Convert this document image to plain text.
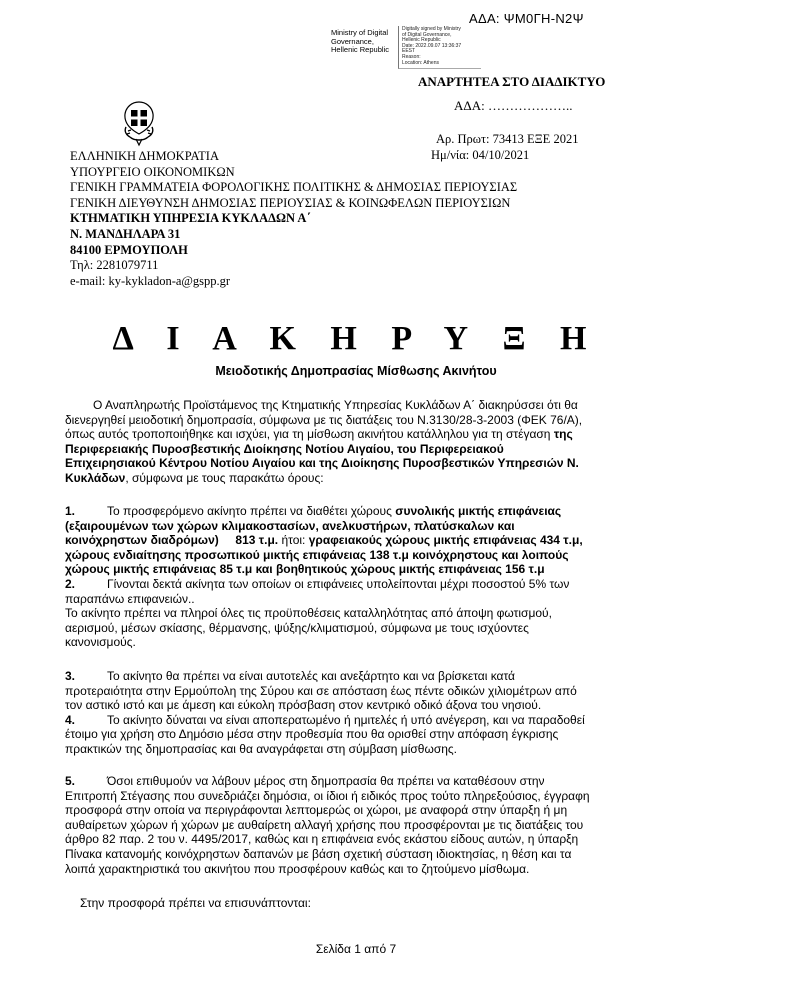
ΑΔΑ: ΨΜ0ΓΗ-Ν2Ψ
Ministry of Digital
Governance,
Hellenic Republic
Digitally signed by Ministry
of Digital Governance,
Hellenic Republic
Date: 2022.09.07 13:36:37
EEST
Reason:
Location: Athens
ΑΝΑΡΤΗΤΕΑ ΣΤΟ ΔΙΑΔΙΚΤΥΟ
ΑΔΑ: ………………..
Αρ. Πρωτ: 73413 ΕΞΕ 2021
Ημ/νία: 04/10/2021
ΕΛΛΗΝΙΚΗ ΔΗΜΟΚΡΑΤΙΑ
ΥΠΟΥΡΓΕΙΟ ΟΙΚΟΝΟΜΙΚΩΝ
ΓΕΝΙΚΗ ΓΡΑΜΜΑΤΕΙΑ ΦΟΡΟΛΟΓΙΚΗΣ ΠΟΛΙΤΙΚΗΣ & ΔΗΜΟΣΙΑΣ ΠΕΡΙΟΥΣΙΑΣ
ΓΕΝΙΚΗ ΔΙΕΥΘΥΝΣΗ ΔΗΜΟΣΙΑΣ ΠΕΡΙΟΥΣΙΑΣ & ΚΟΙΝΩΦΕΛΩΝ ΠΕΡΙΟΥΣΙΩΝ
ΚΤΗΜΑΤΙΚΗ ΥΠΗΡΕΣΙΑ ΚΥΚΛΑΔΩΝ Α΄
Ν. ΜΑΝΔΗΛΑΡΑ 31
84100 ΕΡΜΟΥΠΟΛΗ
Τηλ: 2281079711
e-mail: ky-kykladon-a@gspp.gr
Δ Ι Α Κ Η Ρ Υ Ξ Η
Μειοδοτικής Δημοπρασίας Μίσθωσης Ακινήτου
Ο Αναπληρωτής Προϊστάμενος της Κτηματικής Υπηρεσίας Κυκλάδων Α΄ διακηρύσσει ότι θα
διενεργηθεί μειοδοτική δημοπρασία, σύμφωνα με τις διατάξεις του Ν.3130/28-3-2003 (ΦΕΚ 76/Α),
όπως αυτός τροποποιήθηκε και ισχύει, για τη μίσθωση ακινήτου κατάλληλου για τη στέγαση της
Περιφερειακής Πυροσβεστικής Διοίκησης Νοτίου Αιγαίου, του Περιφερειακού
Επιχειρησιακού Κέντρου Νοτίου Αιγαίου και της Διοίκησης Πυροσβεστικών Υπηρεσιών Ν.
Κυκλάδων, σύμφωνα με τους παρακάτω όρους:
1.	Το προσφερόμενο ακίνητο πρέπει να διαθέτει χώρους συνολικής μικτής επιφάνειας
(εξαιρουμένων των χώρων κλιμακοστασίων, ανελκυστήρων, πλατύσκαλων και
κοινόχρηστων διαδρόμων) 813 τ.μ. ήτοι: γραφειακούς χώρους μικτής επιφάνειας 434 τ.μ,
χώρους ενδιαίτησης προσωπικού μικτής επιφάνειας 138 τ.μ κοινόχρηστους και λοιπούς
χώρους μικτής επιφάνειας 85 τ.μ και βοηθητικούς χώρους μικτής επιφάνειας 156 τ.μ
2.	Γίνονται δεκτά ακίνητα των οποίων οι επιφάνειες υπολείπονται μέχρι ποσοστού 5% των
παραπάνω επιφανειών..
Το ακίνητο πρέπει να πληροί όλες τις προϋποθέσεις καταλληλότητας από άποψη φωτισμού,
αερισμού, μέσων σκίασης, θέρμανσης, ψύξης/κλιματισμού, σύμφωνα με τους ισχύοντες
κανονισμούς.
3.	Το ακίνητο θα πρέπει να είναι αυτοτελές και ανεξάρτητο και να βρίσκεται κατά
προτεραιότητα στην Ερμούπολη της Σύρου και σε απόσταση έως πέντε οδικών χιλιομέτρων από
τον αστικό ιστό και με άμεση και εύκολη πρόσβαση στον κεντρικό οδικό άξονα του νησιού.
4.	Το ακίνητο δύναται να είναι αποπερατωμένο ή ημιτελές ή υπό ανέγερση, και να παραδοθεί
έτοιμο για χρήση στο Δημόσιο μέσα στην προθεσμία που θα ορισθεί στην απόφαση έγκρισης
πρακτικών της δημοπρασίας και θα αναγράφεται στη σύμβαση μίσθωσης.
5.	Όσοι επιθυμούν να λάβουν μέρος στη δημοπρασία θα πρέπει να καταθέσουν στην
Επιτροπή Στέγασης που συνεδριάζει δημόσια, οι ίδιοι ή ειδικός προς τούτο πληρεξούσιος, έγγραφη
προσφορά στην οποία να περιγράφονται λεπτομερώς οι χώροι, με αναφορά στην ύπαρξη ή μη
αυθαίρετων χώρων ή χώρων με αυθαίρετη αλλαγή χρήσης που προσφέρονται με τις διατάξεις του
άρθρο 82 παρ. 2 του ν. 4495/2017, καθώς και η επιφάνεια ενός εκάστου είδους αυτών, η ύπαρξη
Πίνακα κατανομής κοινόχρηστων δαπανών με βάση σχετική σύσταση ιδιοκτησίας, η θέση και τα
λοιπά χαρακτηριστικά του ακινήτου που προσφέρουν καθώς και το ζητούμενο μίσθωμα.
Στην προσφορά πρέπει να επισυνάπτονται:
Σελίδα 1 από 7
